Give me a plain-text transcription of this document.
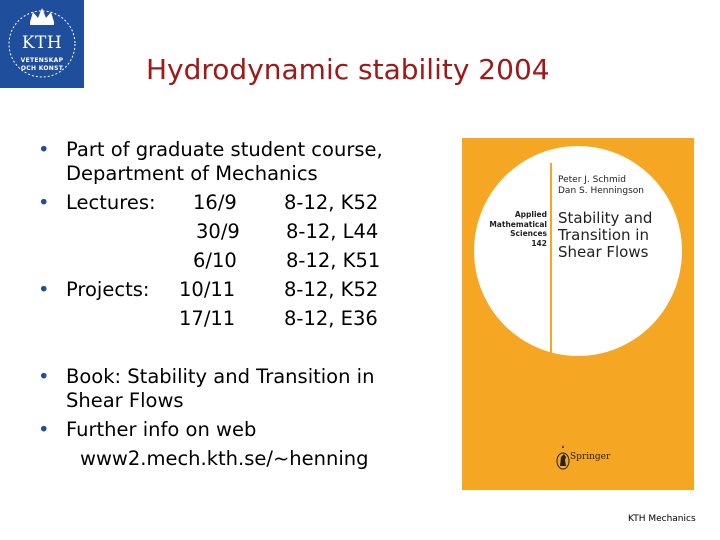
KTH
VETENSKAP
OCH KONST	Hydrodynamic stability 2004
• Part of graduate student course,
Department of Mechanics
• Lectures: 16/9 8-12, K52
30/9 8-12, L44
6/10	8-12, K51
• Projects: 10/11	8-12, K52
17/11	8-12, E36
• Book: Stability and Transition in
Shear Flows
• Further info on web
www2.mech.kth.se/~henning
Peter J. Schmid
Dan S. Henningson
Applied
Mathematical
Sciences
142
Stability and
Transition in
Shear Flows
Springer
KTH Mechanics
